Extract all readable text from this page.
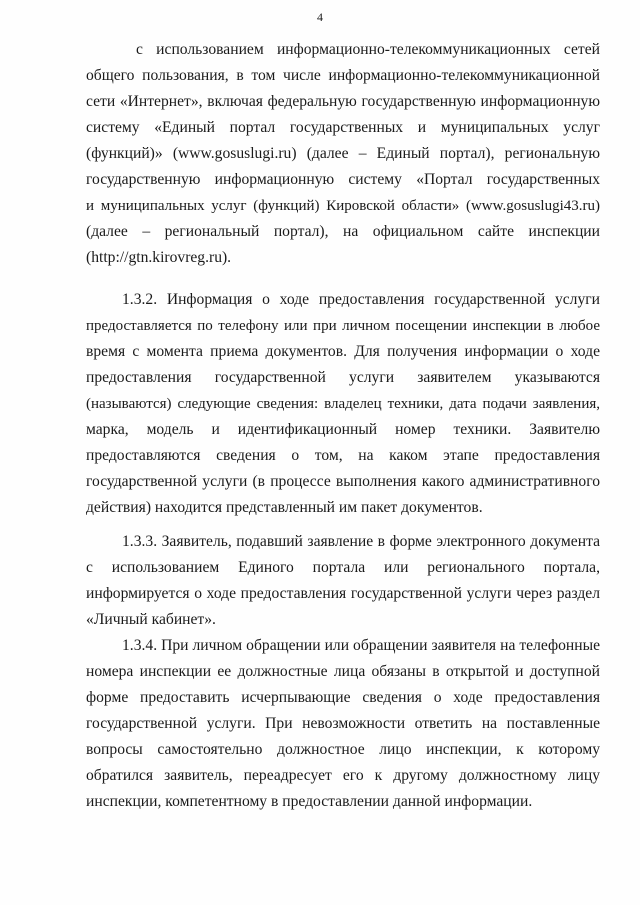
4
с использованием информационно-телекоммуникационных сетей
общего пользования, в том числе информационно-телекоммуникационной
сети «Интернет», включая федеральную государственную информационную
систему «Единый портал государственных и муниципальных услуг
(функций)» (www.gosuslugi.ru) (далее – Единый портал), региональную
государственную информационную систему «Портал государственных
и муниципальных услуг (функций) Кировской области» (www.gosuslugi43.ru)
(далее – региональный портал), на официальном сайте инспекции
(http://gtn.kirovreg.ru).
1.3.2. Информация о ходе предоставления государственной услуги
предоставляется по телефону или при личном посещении инспекции в любое
время с момента приема документов. Для получения информации о ходе
предоставления государственной услуги заявителем указываются
(называются) следующие сведения: владелец техники, дата подачи заявления,
марка, модель и идентификационный номер техники. Заявителю
предоставляются сведения о том, на каком этапе предоставления
государственной услуги (в процессе выполнения какого административного
действия) находится представленный им пакет документов.
1.3.3. Заявитель, подавший заявление в форме электронного документа
с использованием Единого портала или регионального портала,
информируется о ходе предоставления государственной услуги через раздел
«Личный кабинет».
1.3.4. При личном обращении или обращении заявителя на телефонные
номера инспекции ее должностные лица обязаны в открытой и доступной
форме предоставить исчерпывающие сведения о ходе предоставления
государственной услуги. При невозможности ответить на поставленные
вопросы самостоятельно должностное лицо инспекции, к которому
обратился заявитель, переадресует его к другому должностному лицу
инспекции, компетентному в предоставлении данной информации.
